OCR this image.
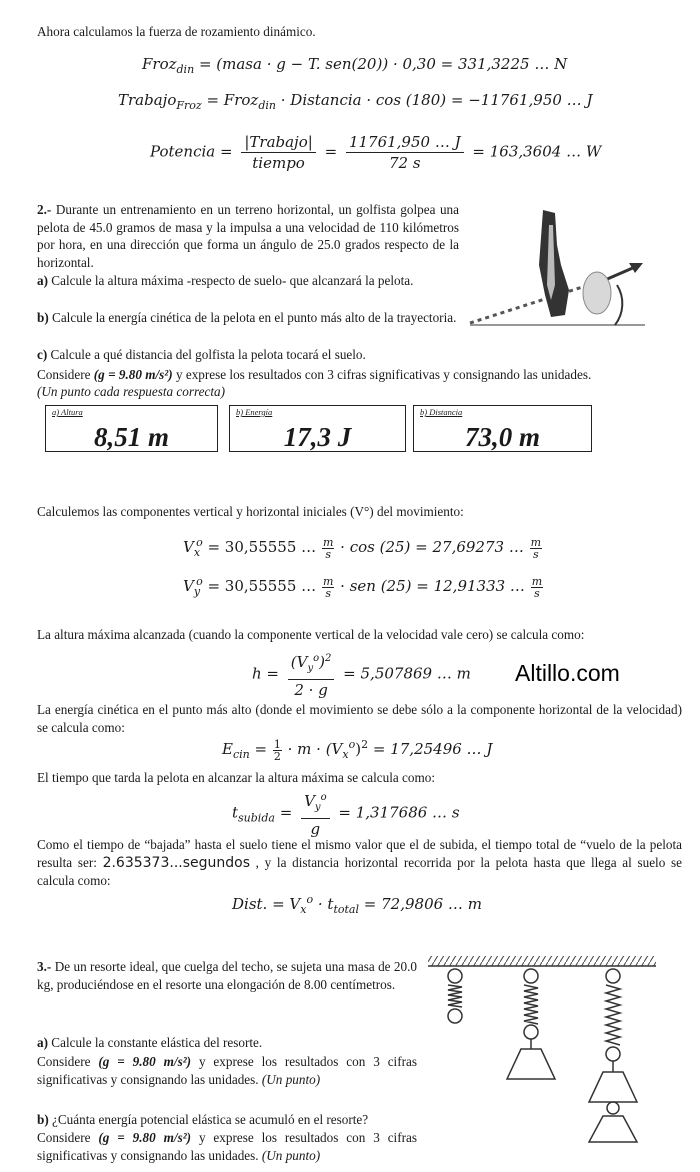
Ahora calculamos la fuerza de rozamiento dinámico.
Froz$_{din}$ = (masa · g − T. sen(20)) · 0,30 = 331,3225 … N
Trabajo$_{Froz}$ = Froz$_{din}$ · Distancia · cos (180) = −11761,950 … J
Potencia = $\frac{\text{|Trabajo|}}{\text{tiempo}} = \frac{11761,950 \dots J}{72 s} = 163,3604$ … W
2.- Durante un entrenamiento en un terreno horizontal, un golfista golpea una pelota de 45.0 gramos de masa y la impulsa a una velocidad de 110 kilómetros por hora, en una dirección que forma un ángulo de 25.0 grados respecto de la horizontal.
a) Calcule la altura máxima -respecto de suelo- que alcanzará la pelota.
b) Calcule la energía cinética de la pelota en el punto más alto de la trayectoria.
c) Calcule a qué distancia del golfista la pelota tocará el suelo.
Considere (g = 9.80 m/s²) y exprese los resultados con 3 cifras significativas y consignando las unidades.
(Un punto cada respuesta correcta)
a) Altura
8,51 m
b) Energía
17,3 J
b) Distancia
73,0 m
Calculemos las componentes vertical y horizontal iniciales (V°) del movimiento:
$V_x^o = 30,55555$ … $\frac{m}{s} \cdot \cos (25) = 27,69273$ … $\frac{m}{s}$
$V_y^o = 30,55555$ … $\frac{m}{s}$ · sen (25) = 12,91333 … $\frac{m}{s}$
La altura máxima alcanzada (cuando la componente vertical de la velocidad vale cero) se calcula como:
$h = \frac{(V_y^o)^2}{2 \cdot g} = 5,507869$ … m Altillo.com
La energía cinética en el punto más alto (donde el movimiento se debe sólo a la componente horizontal de la velocidad) se calcula como:
$E_{cin} = \frac{1}{2} \cdot m \cdot (V_x^o)^2 = 17,25496$ … J
El tiempo que tarda la pelota en alcanzar la altura máxima se calcula como:
$t_{subida} = \frac{V_y^o}{g} = 1,317686$ … s
Como el tiempo de “bajada” hasta el suelo tiene el mismo valor que el de subida, el tiempo total de “vuelo de la pelota resulta ser: 2.635373...segundos , y la distancia horizontal recorrida por la pelota hasta que llega al suelo se calcula como:
Dist. = $V_x^o \cdot t_{total} = 72,9806$ … m
3.- De un resorte ideal, que cuelga del techo, se sujeta una masa de 20.0 kg, produciéndose en el resorte una elongación de 8.00 centímetros.
a) Calcule la constante elástica del resorte.
Considere (g = 9.80 m/s²) y exprese los resultados con 3 cifras significativas y consignando las unidades. (Un punto)
b) ¿Cuánta energía potencial elástica se acumuló en el resorte?
Considere (g = 9.80 m/s²) y exprese los resultados con 3 cifras significativas y consignando las unidades. (Un punto)
